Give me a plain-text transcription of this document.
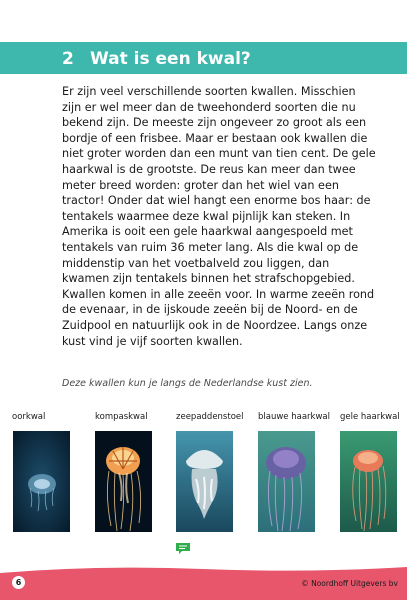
2 Wat is een kwal?

Er zijn veel verschillende soorten kwallen. Misschien zijn er wel meer dan de tweehonderd soorten die nu bekend zijn. De meeste zijn ongeveer zo groot als een bordje of een frisbee. Maar er bestaan ook kwallen die niet groter worden dan een munt van tien cent. De gele haarkwal is de grootste. De reus kan meer dan twee meter breed worden: groter dan het wiel van een tractor! Onder dat wiel hangt een enorme bos haar: de tentakels waarmee deze kwal pijnlijk kan steken. In Amerika is ooit een gele haarkwal aangespoeld met tentakels van ruim 36 meter lang. Als die kwal op de middenstip van het voetbalveld zou liggen, dan kwamen zijn tentakels binnen het strafschopgebied.

Kwallen komen in alle zeeën voor. In warme zeeën rond de evenaar, in de ijskoude zeeën bij de Noord- en de Zuidpool en natuurlijk ook in de Noordzee. Langs onze kust vind je vijf soorten kwallen.

Deze kwallen kun je langs de Nederlandse kust zien.
oorkwal	kompaskwal	zeepaddenstoel blauwe haarkwal gele haarkwal
6	© Noordhoff Uitgevers bv
